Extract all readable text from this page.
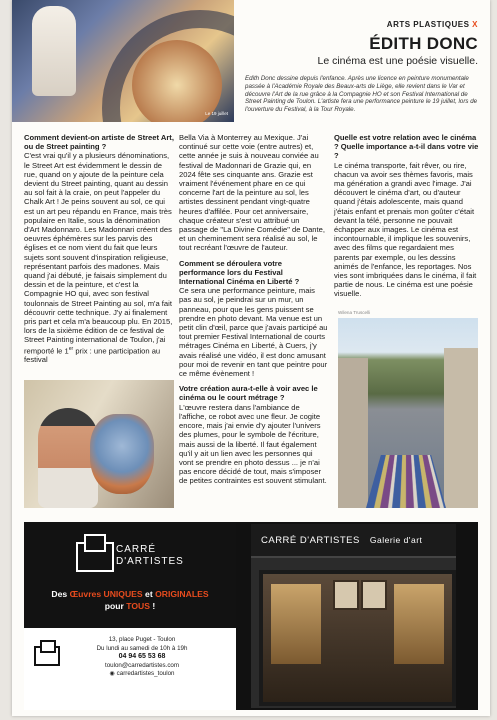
Le 19 juillet
ARTS PLASTIQUES X
ÉDITH DONC
Le cinéma est une poésie visuelle.
Edith Donc dessine depuis l'enfance. Après une licence en peinture monumentale passée à l'Académie Royale des Beaux-arts de Liège, elle revient dans le Var et découvre l'Art de la rue grâce à la Compagnie HO et son Festival International de Street Painting de Toulon. L'artiste fera une performance peinture le 19 juillet, lors de l'ouverture du Festival, à la Tour Royale.
Comment devient-on artiste de Street Art, ou de Street painting ?

C'est vrai qu'il y a plusieurs dénominations, le Street Art est évidemment le dessin de rue, quand on y ajoute de la peinture cela devient du Street painting, quant au dessin au sol fait à la craie, on peut l'appeler du Chalk Art ! Je peins souvent au sol, ce qui est un art peu répandu en France, mais très populaire en Italie, sous la dénomination d'Art Madonnaro. Les Madonnari créent des oeuvres éphémères sur les parvis des églises et ce nom vient du fait que leurs sujets sont souvent d'inspiration religieuse, représentant parfois des madones. Mais quand j'ai débuté, je faisais simplement du dessin et de la peinture, et c'est la Compagnie HO qui, avec son festival toulonnais de Street Painting au sol, m'a fait découvrir cette technique. J'y ai finalement pris part et cela m'a beaucoup plu. En 2015, lors de la sixième édition de ce festival de Street Painting international de Toulon, j'ai remporté le 1er prix : une participation au festival

Bella Via à Monterrey au Mexique. J'ai continué sur cette voie (entre autres) et, cette année je suis à nouveau conviée au festival de Madonnari de Grazie qui, en 2024 fête ses cinquante ans. Grazie est vraiment l'événement phare en ce qui concerne l'art de la peinture au sol, les artistes dessinent pendant vingt-quatre heures d'affilée. Pour cet anniversaire, chaque créateur s'est vu attribué un passage de "La Divine Comédie" de Dante, et un cheminement sera réalisé au sol, le tout recréant l'œuvre de l'auteur.

Comment se déroulera votre performance lors du Festival International Cinéma en Liberté ?

Ce sera une performance peinture, mais pas au sol, je peindrai sur un mur, un panneau, pour que les gens puissent se prendre en photo devant. Ma venue est un petit clin d'œil, parce que j'avais participé au tout premier Festival International de courts métrages Cinéma en Liberté, à Cuers, j'y avais réalisé une vidéo, il est donc amusant pour moi de revenir en tant que peintre pour ce même évènement !

Votre création aura-t-elle à voir avec le cinéma ou le court métrage ?

L'œuvre restera dans l'ambiance de l'affiche, ce robot avec une fleur. Je cogite encore, mais j'ai envie d'y ajouter l'univers des plumes, pour le symbole de l'écriture, mais aussi de la liberté. Il faut également qu'il y ait un lien avec les personnes qui vont se prendre en photo dessus ... je n'ai pas encore décidé de tout, mais s'imposer de petites contraintes est souvent stimulant.

Quelle est votre relation avec le cinéma ? Quelle importance a-t-il dans votre vie ?

Le cinéma transporte, fait rêver, ou rire, chacun va avoir ses thèmes favoris, mais ma génération a grandi avec l'image. J'ai découvert le cinéma d'art, ou d'auteur quand j'étais adolescente, mais quand j'étais enfant et prenais mon goûter c'était devant la télé, personne ne pouvait échapper aux images. Le cinéma est incontournable, il implique les souvenirs, avec des films que regardaient mes parents par exemple, ou les dessins animés de l'enfance, les reportages. Nos vies sont imbriquées dans le cinéma, il fait partie de nous. Le cinéma est une poésie visuelle.

Wilena Truscelli
CARRÉ
D'ARTISTES
Des Œuvres UNIQUES et ORIGINALES
pour TOUS !
13, place Puget - Toulon
Du lundi au samedi de 10h à 19h
04 94 65 53 68
toulon@carredartistes.com
◉ carredartistes_toulon
CARRÉ D'ARTISTES Galerie d'art
